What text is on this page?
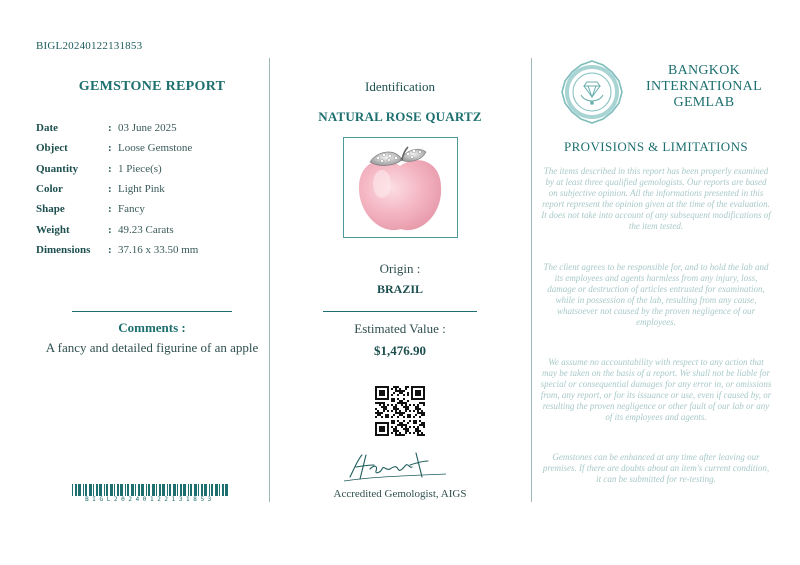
BIGL20240122131853
GEMSTONE REPORT
Date	: 03 June 2025
Object	: Loose Gemstone
Quantity	: 1 Piece(s)
Color	: Light Pink
Shape	: Fancy
Weight	: 49.23 Carats
Dimensions	: 37.16 x 33.50 mm
Comments :
A fancy and detailed figurine of an apple
BIGL20240122131853
Identification
NATURAL ROSE QUARTZ
Origin :
BRAZIL
Estimated Value :
$1,476.90
Accredited Gemologist, AIGS
BANGKOK
INTERNATIONAL
GEMLAB
PROVISIONS & LIMITATIONS
The items described in this report has been properly examined by at least three qualified gemologists. Our reports are based on subjective opinion. All the informations presented in this report represent the opinion given at the time of the evaluation. It does not take into account of any subsequent modifications of the item tested.
The client agrees to be responsible for, and to hold the lab and its employees and agents harmless from any injury, loss, damage or destruction of articles entrusted for examination, while in possession of the lab, resulting from any cause, whatsoever not caused by the proven negligence of our employees.
We assume no accountability with respect to any action that may be taken on the basis of a report. We shall not be liable for special or consequential damages for any error in, or omissions from, any report, or for its issuance or use, even if caused by, or resulting the proven negligence or other fault of our lab or any of its employees and agents.
Gemstones can be enhanced at any time after leaving our premises. If there are doubts about an item's current condition, it can be submitted for re-testing.
